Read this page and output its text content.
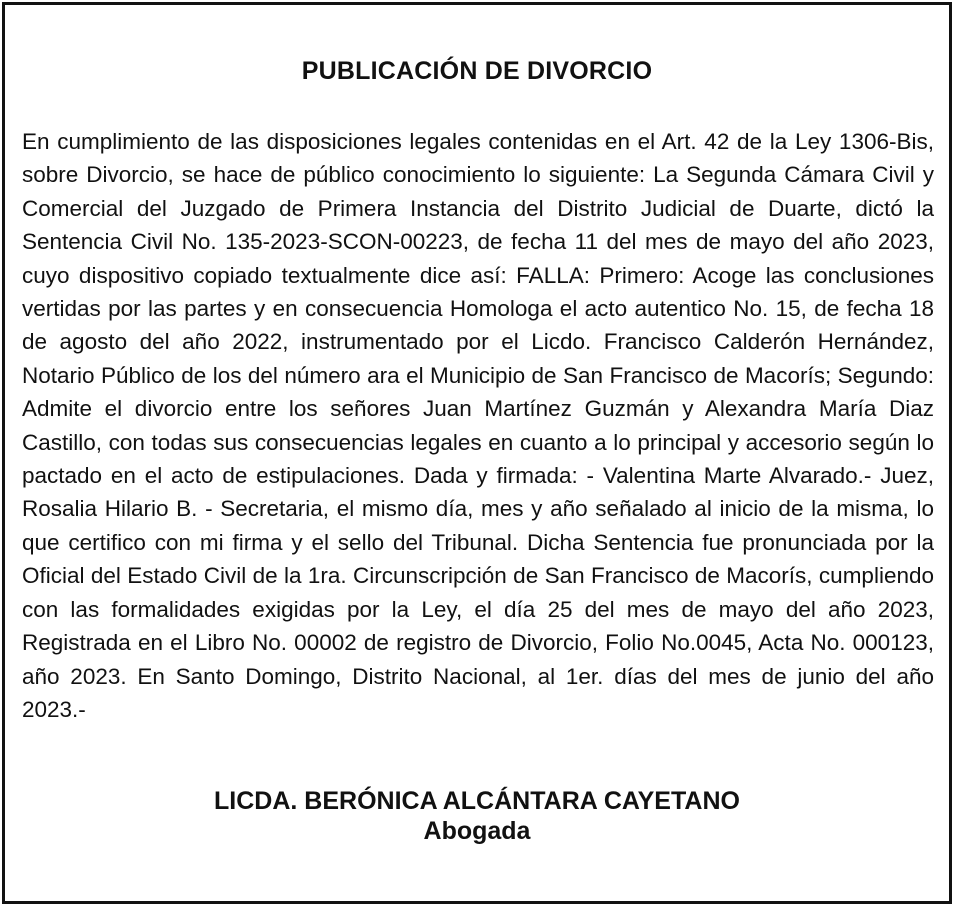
PUBLICACIÓN DE DIVORCIO

En cumplimiento de las disposiciones legales contenidas en el Art. 42 de la Ley 1306-Bis, sobre Divorcio, se hace de público conocimiento lo siguiente: La Segunda Cámara Civil y Comercial del Juzgado de Primera Instancia del Distrito Judicial de Duarte, dictó la Sentencia Civil No. 135-2023-SCON-00223, de fecha 11 del mes de mayo del año 2023, cuyo dispositivo copiado textualmente dice así: FALLA: Primero: Acoge las conclusiones vertidas por las partes y en consecuencia Homologa el acto autentico No. 15, de fecha 18 de agosto del año 2022, instrumentado por el Licdo. Francisco Calderón Hernández, Notario Público de los del número ara el Municipio de San Francisco de Macorís; Segundo: Admite el divorcio entre los señores Juan Martínez Guzmán y Alexandra María Diaz Castillo, con todas sus consecuencias legales en cuanto a lo principal y accesorio según lo pactado en el acto de estipulaciones. Dada y firmada: - Valentina Marte Alvarado.- Juez, Rosalia Hilario B. - Secretaria, el mismo día, mes y año señalado al inicio de la misma, lo que certifico con mi firma y el sello del Tribunal. Dicha Sentencia fue pronunciada por la Oficial del Estado Civil de la 1ra. Circunscripción de San Francisco de Macorís, cumpliendo con las formalidades exigidas por la Ley, el día 25 del mes de mayo del año 2023, Registrada en el Libro No. 00002 de registro de Divorcio, Folio No.0045, Acta No. 000123, año 2023. En Santo Domingo, Distrito Nacional, al 1er. días del mes de junio del año 2023.-

LICDA. BERÓNICA ALCÁNTARA CAYETANO
Abogada
